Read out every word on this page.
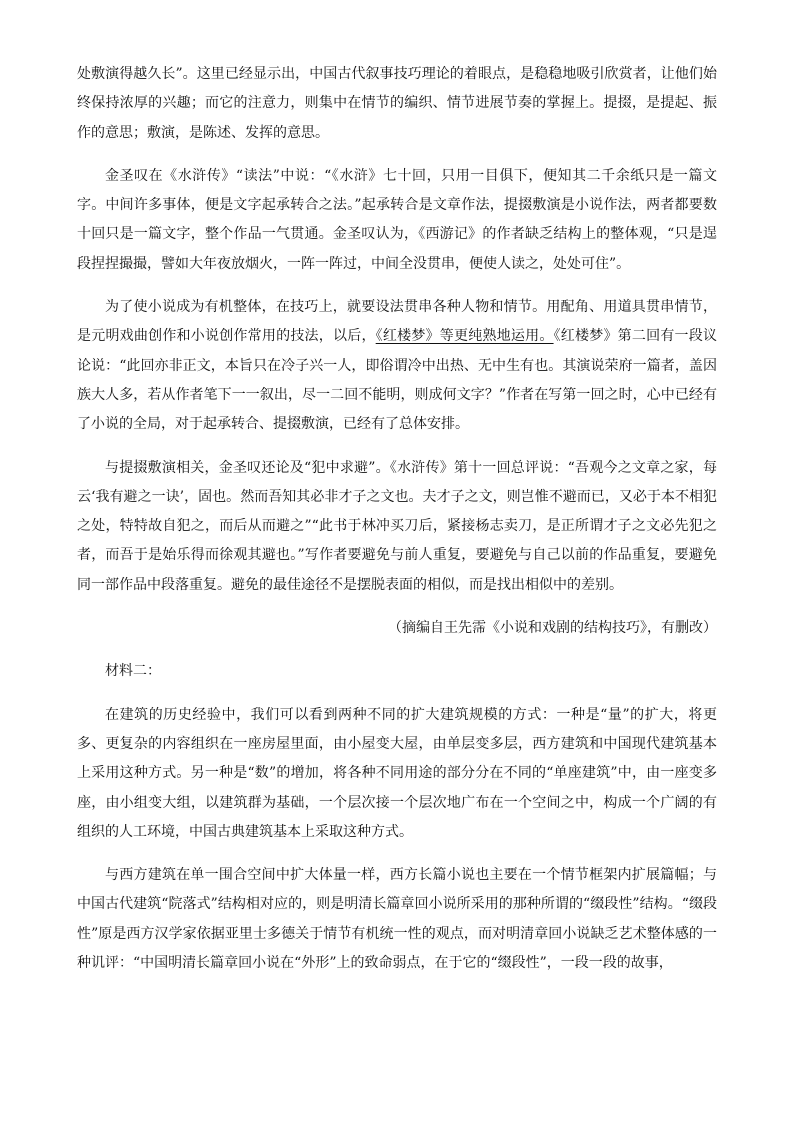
处敷演得越久长”。这里已经显示出，中国古代叙事技巧理论的着眼点，是稳稳地吸引欣赏者，让他们始终保持浓厚的兴趣；而它的注意力，则集中在情节的编织、情节进展节奏的掌握上。提掇，是提起、振作的意思；敷演，是陈述、发挥的意思。

金圣叹在《水浒传》“读法”中说：“《水浒》七十回，只用一目俱下，便知其二千余纸只是一篇文字。中间许多事体，便是文字起承转合之法。”起承转合是文章作法，提掇敷演是小说作法，两者都要数十回只是一篇文字，整个作品一气贯通。金圣叹认为，《西游记》的作者缺乏结构上的整体观，“只是逞段捏捏撮撮，譬如大年夜放烟火，一阵一阵过，中间全没贯串，便使人读之，处处可住”。

为了使小说成为有机整体，在技巧上，就要设法贯串各种人物和情节。用配角、用道具贯串情节，是元明戏曲创作和小说创作常用的技法，以后，《红楼梦》等更纯熟地运用。《红楼梦》第二回有一段议论说：“此回亦非正文，本旨只在冷子兴一人，即俗谓冷中出热、无中生有也。其演说荣府一篇者，盖因族大人多，若从作者笔下一一叙出，尽一二回不能明，则成何文字？”作者在写第一回之时，心中已经有了小说的全局，对于起承转合、提掇敷演，已经有了总体安排。

与提掇敷演相关，金圣叹还论及“犯中求避”。《水浒传》第十一回总评说：“吾观今之文章之家，每云‘我有避之一诀’，固也。然而吾知其必非才子之文也。夫才子之文，则岂惟不避而已，又必于本不相犯之处，特特故自犯之，而后从而避之”“此书于林冲买刀后，紧接杨志卖刀，是正所谓才子之文必先犯之者，而吾于是始乐得而徐观其避也。”写作者要避免与前人重复，要避免与自己以前的作品重复，要避免同一部作品中段落重复。避免的最佳途径不是摆脱表面的相似，而是找出相似中的差别。

（摘编自王先霈《小说和戏剧的结构技巧》，有删改）

材料二：

在建筑的历史经验中，我们可以看到两种不同的扩大建筑规模的方式：一种是“量”的扩大，将更多、更复杂的内容组织在一座房屋里面，由小屋变大屋，由单层变多层，西方建筑和中国现代建筑基本上采用这种方式。另一种是“数”的增加，将各种不同用途的部分分在不同的“单座建筑”中，由一座变多座，由小组变大组，以建筑群为基础，一个层次接一个层次地广布在一个空间之中，构成一个广阔的有组织的人工环境，中国古典建筑基本上采取这种方式。

与西方建筑在单一围合空间中扩大体量一样，西方长篇小说也主要在一个情节框架内扩展篇幅；与中国古代建筑“院落式”结构相对应的，则是明清长篇章回小说所采用的那种所谓的“缀段性”结构。“缀段性”原是西方汉学家依据亚里士多德关于情节有机统一性的观点，而对明清章回小说缺乏艺术整体感的一种讥评：“中国明清长篇章回小说在“外形”上的致命弱点，在于它的“缀段性”，一段一段的故事，
